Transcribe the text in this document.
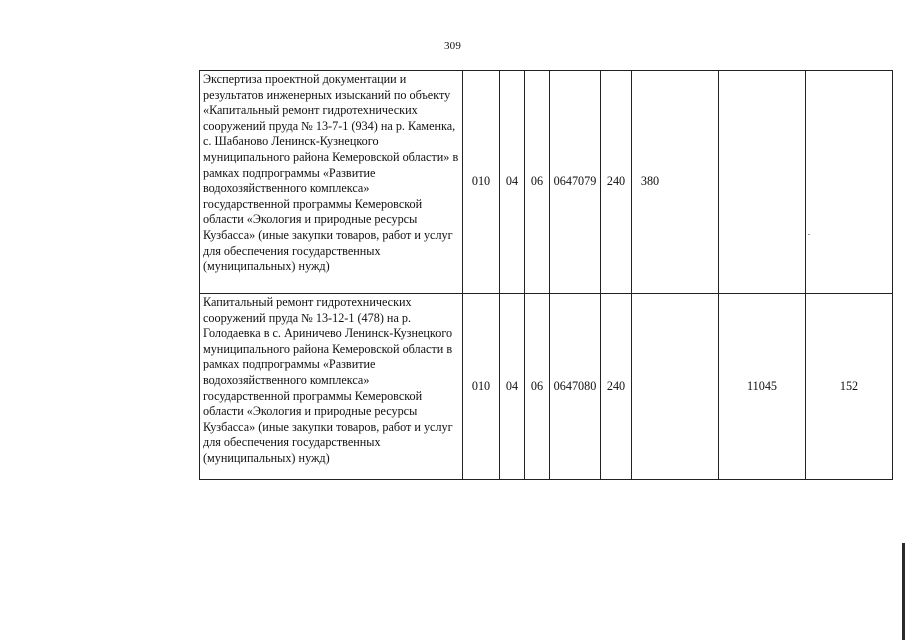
309
Экспертиза проектной документации и результатов инженерных изысканий по объекту «Капитальный ремонт гидротехнических сооружений пруда № 13-7-1 (934) на р. Каменка, с. Шабаново Ленинск-Кузнецкого муниципального района Кемеровской области» в рамках подпрограммы «Развитие водохозяйственного комплекса» государственной программы Кемеровской области «Экология и природные ресурсы Кузбасса» (иные закупки товаров, работ и услуг для обеспечения государственных (муниципальных) нужд)	010	04	06	0647079	240	380		
Капитальный ремонт гидротехнических сооружений пруда № 13-12-1 (478) на р. Голодаевка в с. Ариничево Ленинск-Кузнецкого муниципального района Кемеровской области в рамках подпрограммы «Развитие водохозяйственного комплекса» государственной программы Кемеровской области «Экология и природные ресурсы Кузбасса» (иные закупки товаров, работ и услуг для обеспечения государственных (муниципальных) нужд)	010	04	06	0647080	240		11045	152
